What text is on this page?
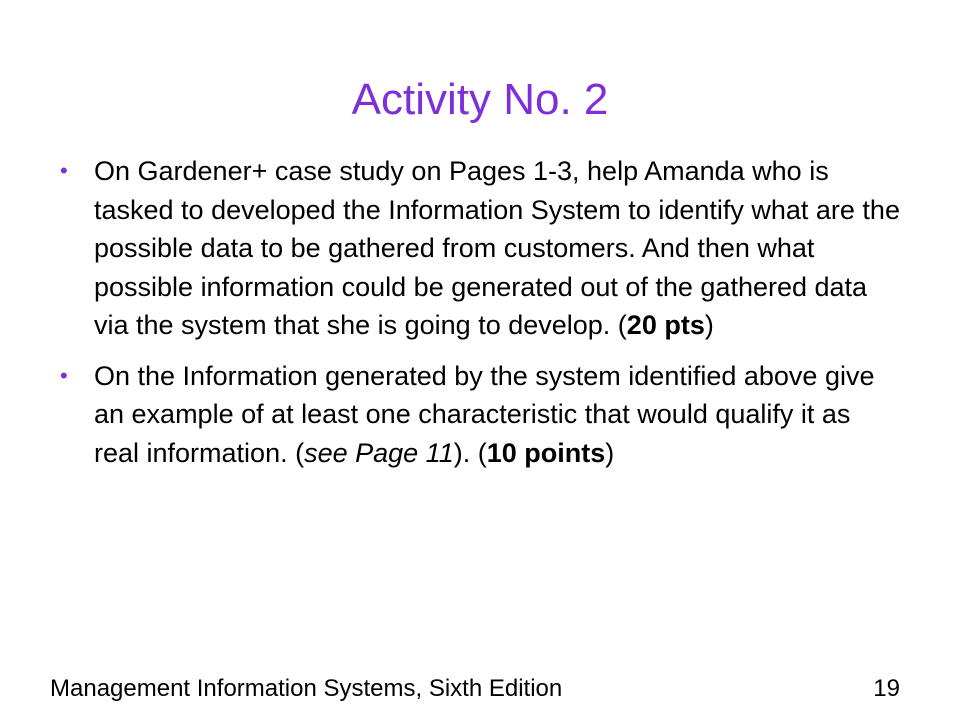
Activity No. 2
• On Gardener+ case study on Pages 1-3, help Amanda who is tasked to developed the Information System to identify what are the possible data to be gathered from customers. And then what possible information could be generated out of the gathered data via the system that she is going to develop. (20 pts)
• On the Information generated by the system identified above give an example of at least one characteristic that would qualify it as real information. (see Page 11). (10 points)
Management Information Systems, Sixth Edition	19
